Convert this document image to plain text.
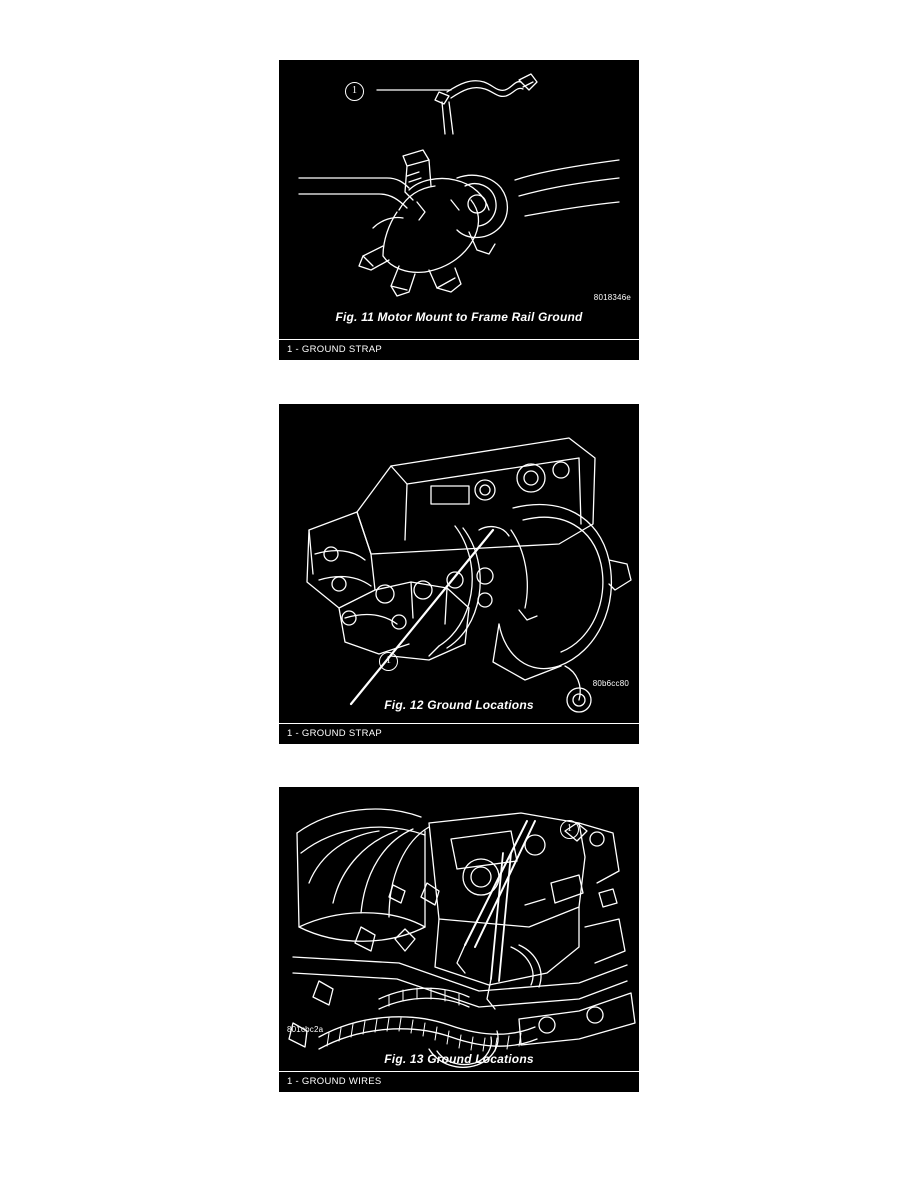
1
8018346e
Fig. 11 Motor Mount to Frame Rail Ground
1 - GROUND STRAP
1
80b6cc80
Fig. 12 Ground Locations
1 - GROUND STRAP
1
801cbc2a
Fig. 13 Ground Locations
1 - GROUND WIRES
